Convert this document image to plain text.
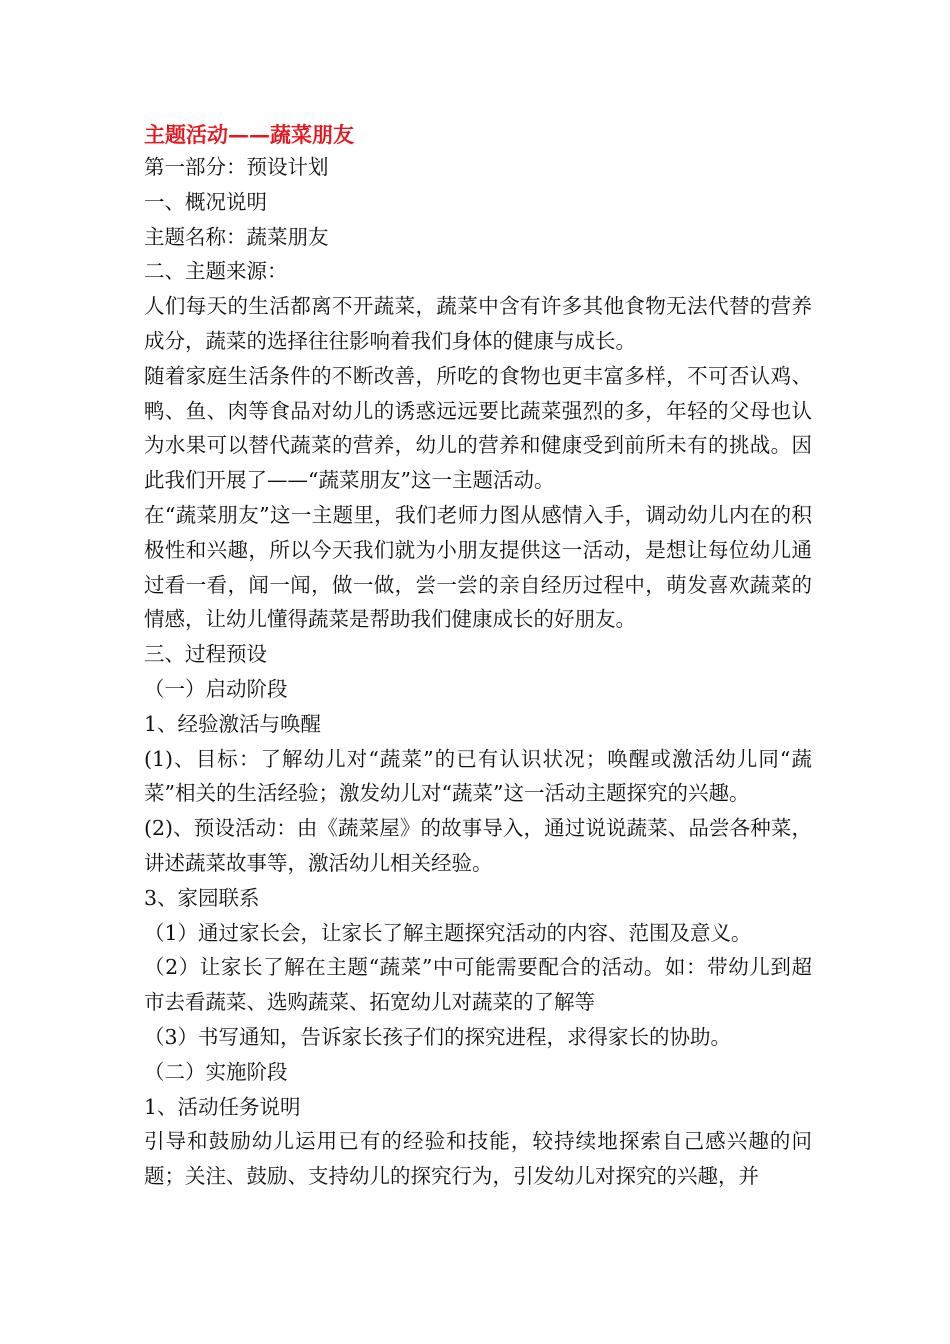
主题活动——蔬菜朋友

第一部分：预设计划

一、概况说明

主题名称：蔬菜朋友

二、主题来源：

人们每天的生活都离不开蔬菜，蔬菜中含有许多其他食物无法代替的营养成分，蔬菜的选择往往影响着我们身体的健康与成长。

随着家庭生活条件的不断改善，所吃的食物也更丰富多样，不可否认鸡、鸭、鱼、肉等食品对幼儿的诱惑远远要比蔬菜强烈的多，年轻的父母也认为水果可以替代蔬菜的营养，幼儿的营养和健康受到前所未有的挑战。因此我们开展了——“蔬菜朋友”这一主题活动。

在“蔬菜朋友”这一主题里，我们老师力图从感情入手，调动幼儿内在的积极性和兴趣，所以今天我们就为小朋友提供这一活动，是想让每位幼儿通过看一看，闻一闻，做一做，尝一尝的亲自经历过程中，萌发喜欢蔬菜的情感，让幼儿懂得蔬菜是帮助我们健康成长的好朋友。

三、过程预设

（一）启动阶段

1、经验激活与唤醒

(1)、目标：了解幼儿对“蔬菜”的已有认识状况；唤醒或激活幼儿同“蔬菜”相关的生活经验；激发幼儿对“蔬菜”这一活动主题探究的兴趣。

(2)、预设活动：由《蔬菜屋》的故事导入，通过说说蔬菜、品尝各种菜，讲述蔬菜故事等，激活幼儿相关经验。

3、家园联系

（1）通过家长会，让家长了解主题探究活动的内容、范围及意义。

（2）让家长了解在主题“蔬菜”中可能需要配合的活动。如：带幼儿到超市去看蔬菜、选购蔬菜、拓宽幼儿对蔬菜的了解等

（3）书写通知，告诉家长孩子们的探究进程，求得家长的协助。

（二）实施阶段

1、活动任务说明

引导和鼓励幼儿运用已有的经验和技能，较持续地探索自己感兴趣的问题；关注、鼓励、支持幼儿的探究行为，引发幼儿对探究的兴趣，并
